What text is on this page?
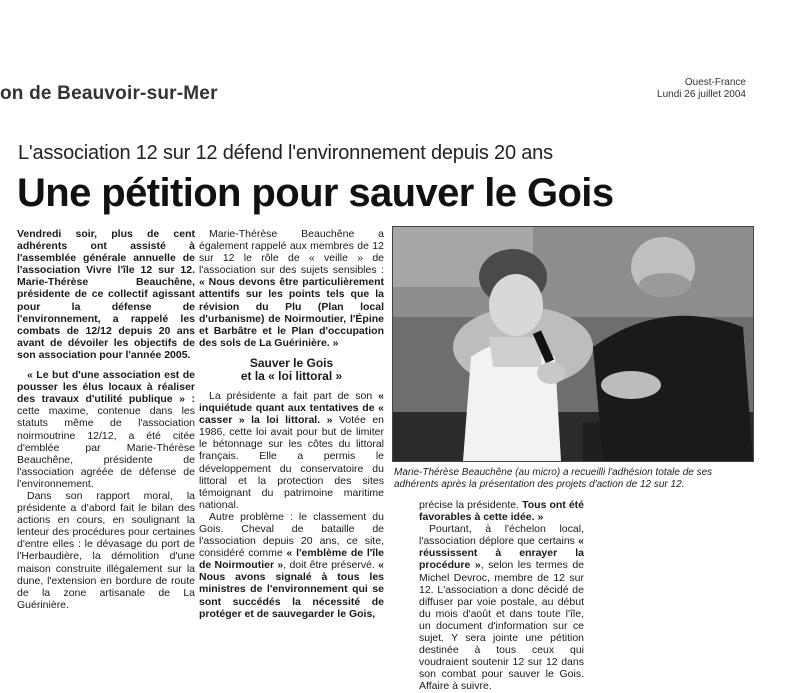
on de Beauvoir-sur-Mer
Ouest-France
Lundi 26 juillet 2004
L'association 12 sur 12 défend l'environnement depuis 20 ans
Une pétition pour sauver le Gois

Vendredi soir, plus de cent adhérents ont assisté à l'assemblée générale annuelle de l'association Vivre l'île 12 sur 12. Marie-Thérèse Beauchêne, présidente de ce collectif agissant pour la défense de l'environnement, a rappelé les combats de 12/12 depuis 20 ans avant de dévoiler les objectifs de son association pour l'année 2005.

« Le but d'une association est de pousser les élus locaux à réaliser des travaux d'utilité publique » : cette maxime, contenue dans les statuts même de l'association noirmoutrine 12/12, a été citée d'emblée par Marie-Thérèse Beauchêne, présidente de l'association agréée de défense de l'environnement.

Dans son rapport moral, la présidente a d'abord fait le bilan des actions en cours, en soulignant la lenteur des procédures pour certaines d'entre elles : le dévasage du port de l'Herbaudière, la démolition d'une maison construite illégalement sur la dune, l'extension en bordure de route de la zone artisanale de La Guérinière.

Marie-Thérèse Beauchêne a également rappelé aux membres de 12 sur 12 le rôle de « veille » de l'association sur des sujets sensibles : « Nous devons être particulièrement attentifs sur les points tels que la révision du Plu (Plan local d'urbanisme) de Noirmoutier, l'Épine et Barbâtre et le Plan d'occupation des sols de La Guérinière. »

Sauver le Gois
et la « loi littoral »

La présidente a fait part de son « inquiétude quant aux tentatives de « casser » la loi littoral. » Votée en 1986, cette loi avait pour but de limiter le bétonnage sur les côtes du littoral français. Elle a permis le développement du conservatoire du littoral et la protection des sites témoignant du patrimoine maritime national.

Autre problème : le classement du Gois. Cheval de bataille de l'association depuis 20 ans, ce site, considéré comme « l'emblème de l'île de Noirmoutier », doit être préservé. « Nous avons signalé à tous les ministres de l'environnement qui se sont succédés la nécessité de protéger et de sauvegarder le Gois,

Marie-Thérèse Beauchêne (au micro) a recueilli l'adhésion totale de ses adhérents après la présentation des projets d'action de 12 sur 12.

précise la présidente. Tous ont été favorables à cette idée. »

Pourtant, à l'échelon local, l'association déplore que certains « réussissent à enrayer la procédure », selon les termes de Michel Devroc, membre de 12 sur 12. L'association a donc décidé de diffuser par voie postale, au début du mois d'août et dans toute l'île, un document d'information sur ce sujet. Y sera jointe une pétition destinée à tous ceux qui voudraient soutenir 12 sur 12 dans son combat pour sauver le Gois. Affaire à suivre.
